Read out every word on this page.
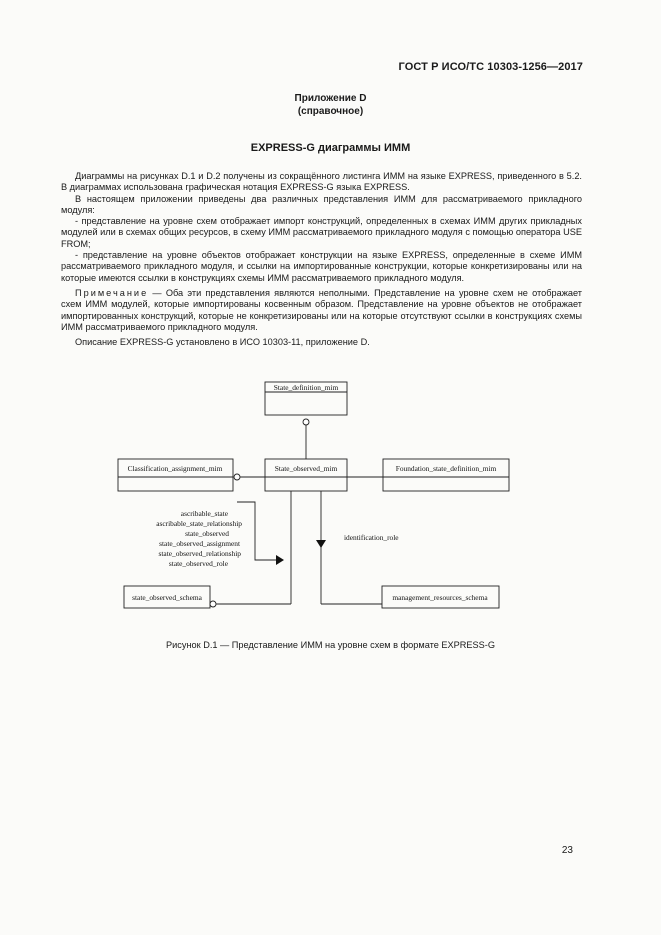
ГОСТ Р ИСО/ТС 10303-1256—2017
Приложение D
(справочное)
EXPRESS-G диаграммы ИММ

Диаграммы на рисунках D.1 и D.2 получены из сокращённого листинга ИММ на языке EXPRESS, приведенного в 5.2. В диаграммах использована графическая нотация EXPRESS-G языка EXPRESS.

В настоящем приложении приведены два различных представления ИММ для рассматриваемого прикладного модуля:

- представление на уровне схем отображает импорт конструкций, определенных в схемах ИММ других прикладных модулей или в схемах общих ресурсов, в схему ИММ рассматриваемого прикладного модуля с помощью оператора USE FROM;

- представление на уровне объектов отображает конструкции на языке EXPRESS, определенные в схеме ИММ рассматриваемого прикладного модуля, и ссылки на импортированные конструкции, которые конкретизированы или на которые имеются ссылки в конструкциях схемы ИММ рассматриваемого прикладного модуля.

Примечание — Оба эти представления являются неполными. Представление на уровне схем не отображает схем ИММ модулей, которые импортированы косвенным образом. Представление на уровне объектов не отображает импортированных конструкций, которые не конкретизированы или на которые отсутствуют ссылки в конструкциях схемы ИММ рассматриваемого прикладного модуля.

Описание EXPRESS-G установлено в ИСО 10303-11, приложение D.

State_definition_mim
State_observed_mim
Classification_assignment_mim	Foundation_state_definition_mim
state_observed_schema	management_resources_schema
ascribable_state
ascribable_state_relationship
state_observed
state_observed_assignment
state_observed_relationship
state_observed_role
identification_role
Рисунок D.1 — Представление ИММ на уровне схем в формате EXPRESS-G
23
